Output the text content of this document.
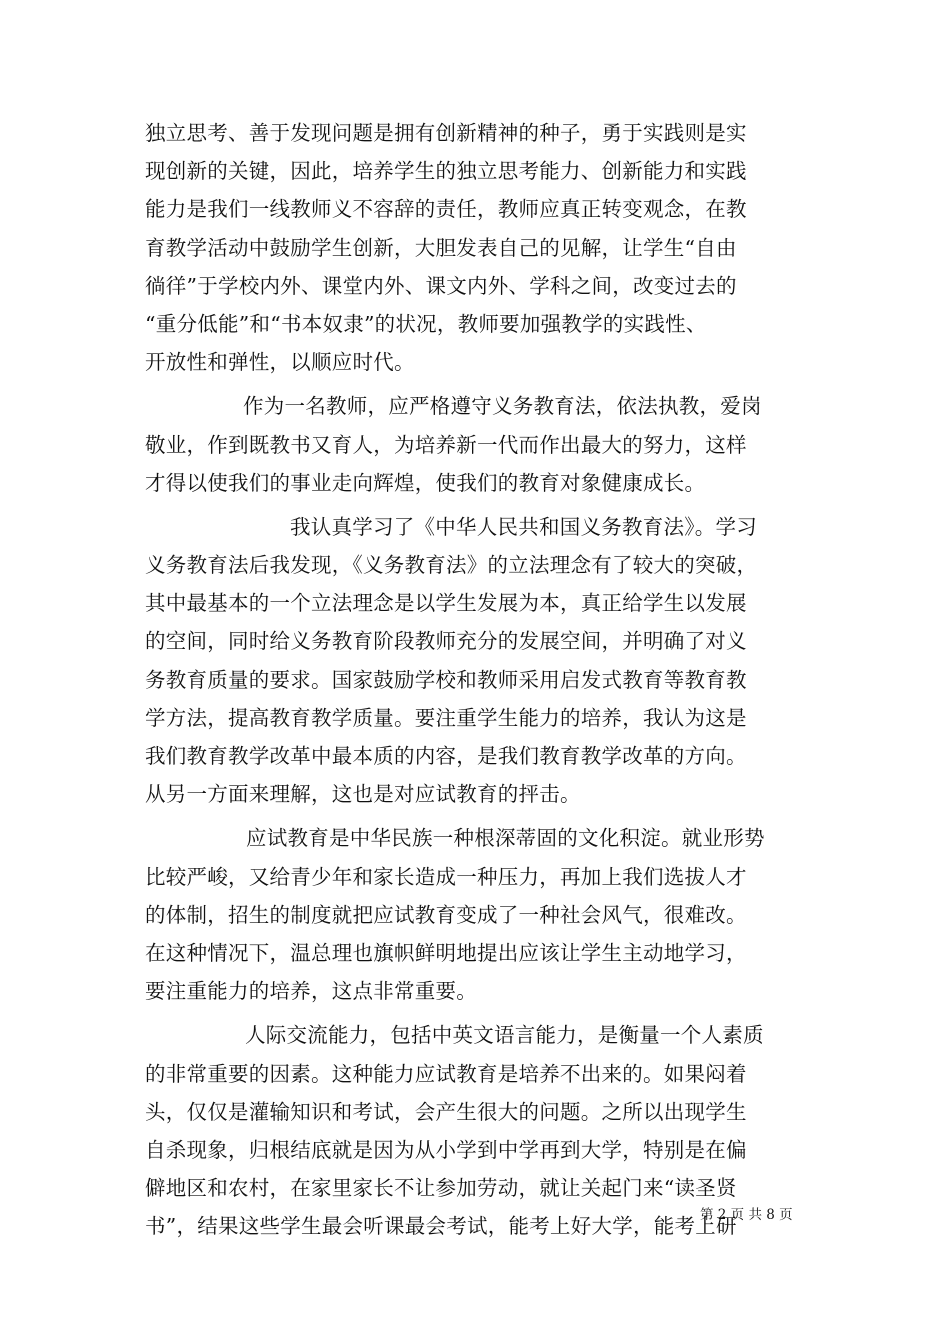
独立思考、善于发现问题是拥有创新精神的种子，勇于实践则是实
现创新的关键，因此，培养学生的独立思考能力、创新能力和实践
能力是我们一线教师义不容辞的责任，教师应真正转变观念，在教
育教学活动中鼓励学生创新，大胆发表自己的见解，让学生“自由
徜徉”于学校内外、课堂内外、课文内外、学科之间，改变过去的
“重分低能”和“书本奴隶”的状况，教师要加强教学的实践性、
开放性和弹性，以顺应时代。
作为一名教师，应严格遵守义务教育法，依法执教，爱岗
敬业，作到既教书又育人，为培养新一代而作出最大的努力，这样
才得以使我们的事业走向辉煌，使我们的教育对象健康成长。
我认真学习了《中华人民共和国义务教育法》。学习
义务教育法后我发现，《义务教育法》的立法理念有了较大的突破，
其中最基本的一个立法理念是以学生发展为本，真正给学生以发展
的空间，同时给义务教育阶段教师充分的发展空间，并明确了对义
务教育质量的要求。国家鼓励学校和教师采用启发式教育等教育教
学方法，提高教育教学质量。要注重学生能力的培养，我认为这是
我们教育教学改革中最本质的内容，是我们教育教学改革的方向。
从另一方面来理解，这也是对应试教育的抨击。
应试教育是中华民族一种根深蒂固的文化积淀。就业形势
比较严峻，又给青少年和家长造成一种压力，再加上我们选拔人才
的体制，招生的制度就把应试教育变成了一种社会风气，很难改。
在这种情况下，温总理也旗帜鲜明地提出应该让学生主动地学习，
要注重能力的培养，这点非常重要。
人际交流能力，包括中英文语言能力，是衡量一个人素质
的非常重要的因素。这种能力应试教育是培养不出来的。如果闷着
头，仅仅是灌输知识和考试，会产生很大的问题。之所以出现学生
自杀现象，归根结底就是因为从小学到中学再到大学，特别是在偏
僻地区和农村，在家里家长不让参加劳动，就让关起门来“读圣贤
书”，结果这些学生最会听课最会考试，能考上好大学，能考上研
第 2 页 共 8 页
